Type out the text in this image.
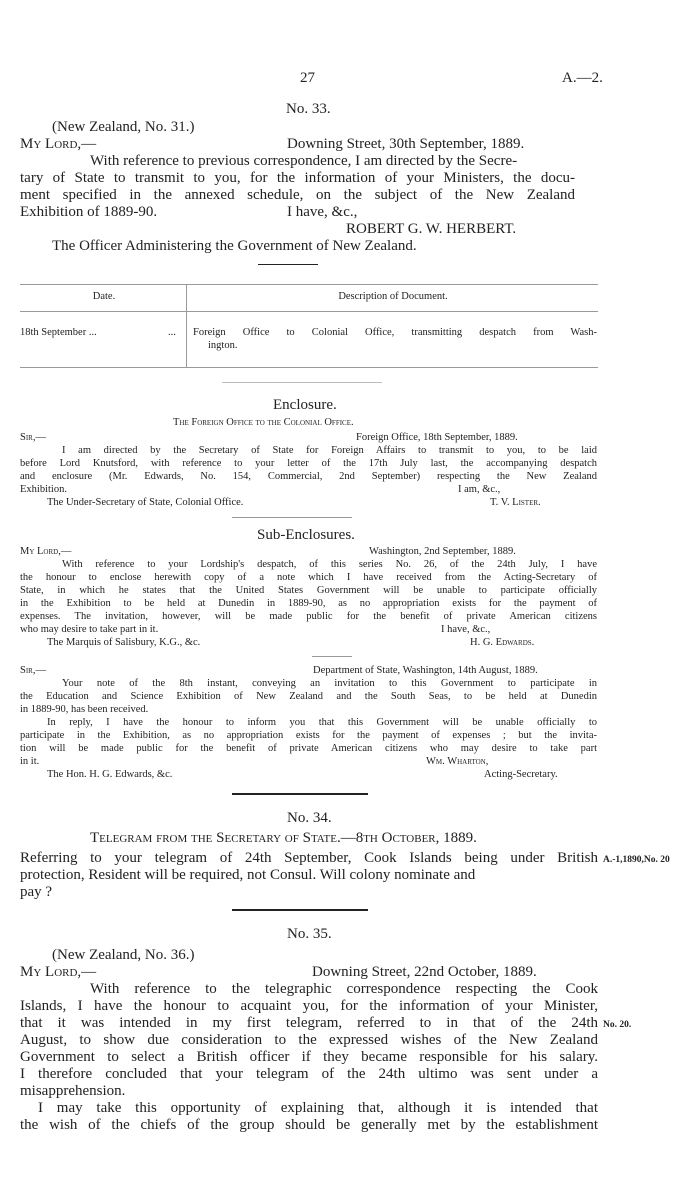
27	A.—2.
No. 33.
(New Zealand, No. 31.)
My Lord,—	Downing Street, 30th September, 1889.
With reference to previous correspondence, I am directed by the Secre-
tary of State to transmit to you, for the information of your Ministers, the docu-
ment specified in the annexed schedule, on the subject of the New Zealand
Exhibition of 1889-90.	I have, &c.,
ROBERT G. W. HERBERT.
The Officer Administering the Government of New Zealand.
Date.	Description of Document.
18th September ...	... Foreign Office to Colonial Office, transmitting despatch from Wash-
ington.
Enclosure.
The Foreign Office to the Colonial Office.
Sir,—	Foreign Office, 18th September, 1889.
I am directed by the Secretary of State for Foreign Affairs to transmit to you, to be laid
before Lord Knutsford, with reference to your letter of the 17th July last, the accompanying despatch
and enclosure (Mr. Edwards, No. 154, Commercial, 2nd September) respecting the New Zealand
Exhibition.	I am, &c.,
The Under-Secretary of State, Colonial Office.	T. V. Lister.
Sub-Enclosures.
My Lord,—	Washington, 2nd September, 1889.
With reference to your Lordship's despatch, of this series No. 26, of the 24th July, I have
the honour to enclose herewith copy of a note which I have received from the Acting-Secretary of
State, in which he states that the United States Government will be unable to participate officially
in the Exhibition to be held at Dunedin in 1889-90, as no appropriation exists for the payment of
expenses. The invitation, however, will be made public for the benefit of private American citizens
who may desire to take part in it.	I have, &c.,
The Marquis of Salisbury, K.G., &c.	H. G. Edwards.
Sir,—	Department of State, Washington, 14th August, 1889.
Your note of the 8th instant, conveying an invitation to this Government to participate in
the Education and Science Exhibition of New Zealand and the South Seas, to be held at Dunedin
in 1889-90, has been received.
In reply, I have the honour to inform you that this Government will be unable officially to
participate in the Exhibition, as no appropriation exists for the payment of expenses ; but the invita-
tion will be made public for the benefit of private American citizens who may desire to take part
in it.	Wm. Wharton,
The Hon. H. G. Edwards, &c.	Acting-Secretary.
No. 34.
Telegram from the Secretary of State.—8th October, 1889.
Referring to your telegram of 24th September, Cook Islands being under British
protection, Resident will be required, not Consul. Will colony nominate and
pay ?
A.-1,1890,No. 20
No. 35.
(New Zealand, No. 36.)
My Lord,—	Downing Street, 22nd October, 1889.
With reference to the telegraphic correspondence respecting the Cook
Islands, I have the honour to acquaint you, for the information of your Minister,
that it was intended in my first telegram, referred to in that of the 24th
August, to show due consideration to the expressed wishes of the New Zealand
Government to select a British officer if they became responsible for his salary.
I therefore concluded that your telegram of the 24th ultimo was sent under a
misapprehension.
I may take this opportunity of explaining that, although it is intended that
the wish of the chiefs of the group should be generally met by the establishment
No. 20.
